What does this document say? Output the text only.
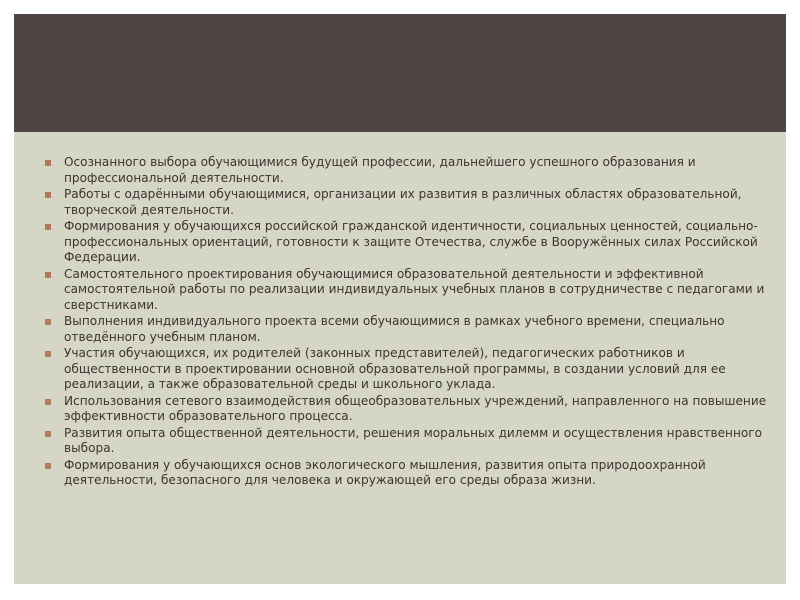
Осознанного выбора обучающимися будущей профессии, дальнейшего успешного образования и профессиональной деятельности.
Работы с одарёнными обучающимися, организации их развития в различных областях образовательной, творческой деятельности.
Формирования у обучающихся российской гражданской идентичности, социальных ценностей, социально-профессиональных ориентаций, готовности к защите Отечества, службе в Вооружённых силах Российской Федерации.
Самостоятельного проектирования обучающимися образовательной деятельности и эффективной самостоятельной работы по реализации индивидуальных учебных планов в сотрудничестве с педагогами и сверстниками.
Выполнения индивидуального проекта всеми обучающимися в рамках учебного времени, специально отведённого учебным планом.
Участия обучающихся, их родителей (законных представителей), педагогических работников и общественности в проектировании основной образовательной программы, в создании условий для ее реализации, а также образовательной среды и школьного уклада.
Использования сетевого взаимодействия общеобразовательных учреждений, направленного на повышение эффективности образовательного процесса.
Развития опыта общественной деятельности, решения моральных дилемм и осуществления нравственного выбора.
Формирования у обучающихся основ экологического мышления, развития опыта природоохранной деятельности, безопасного для человека и окружающей его среды образа жизни.
